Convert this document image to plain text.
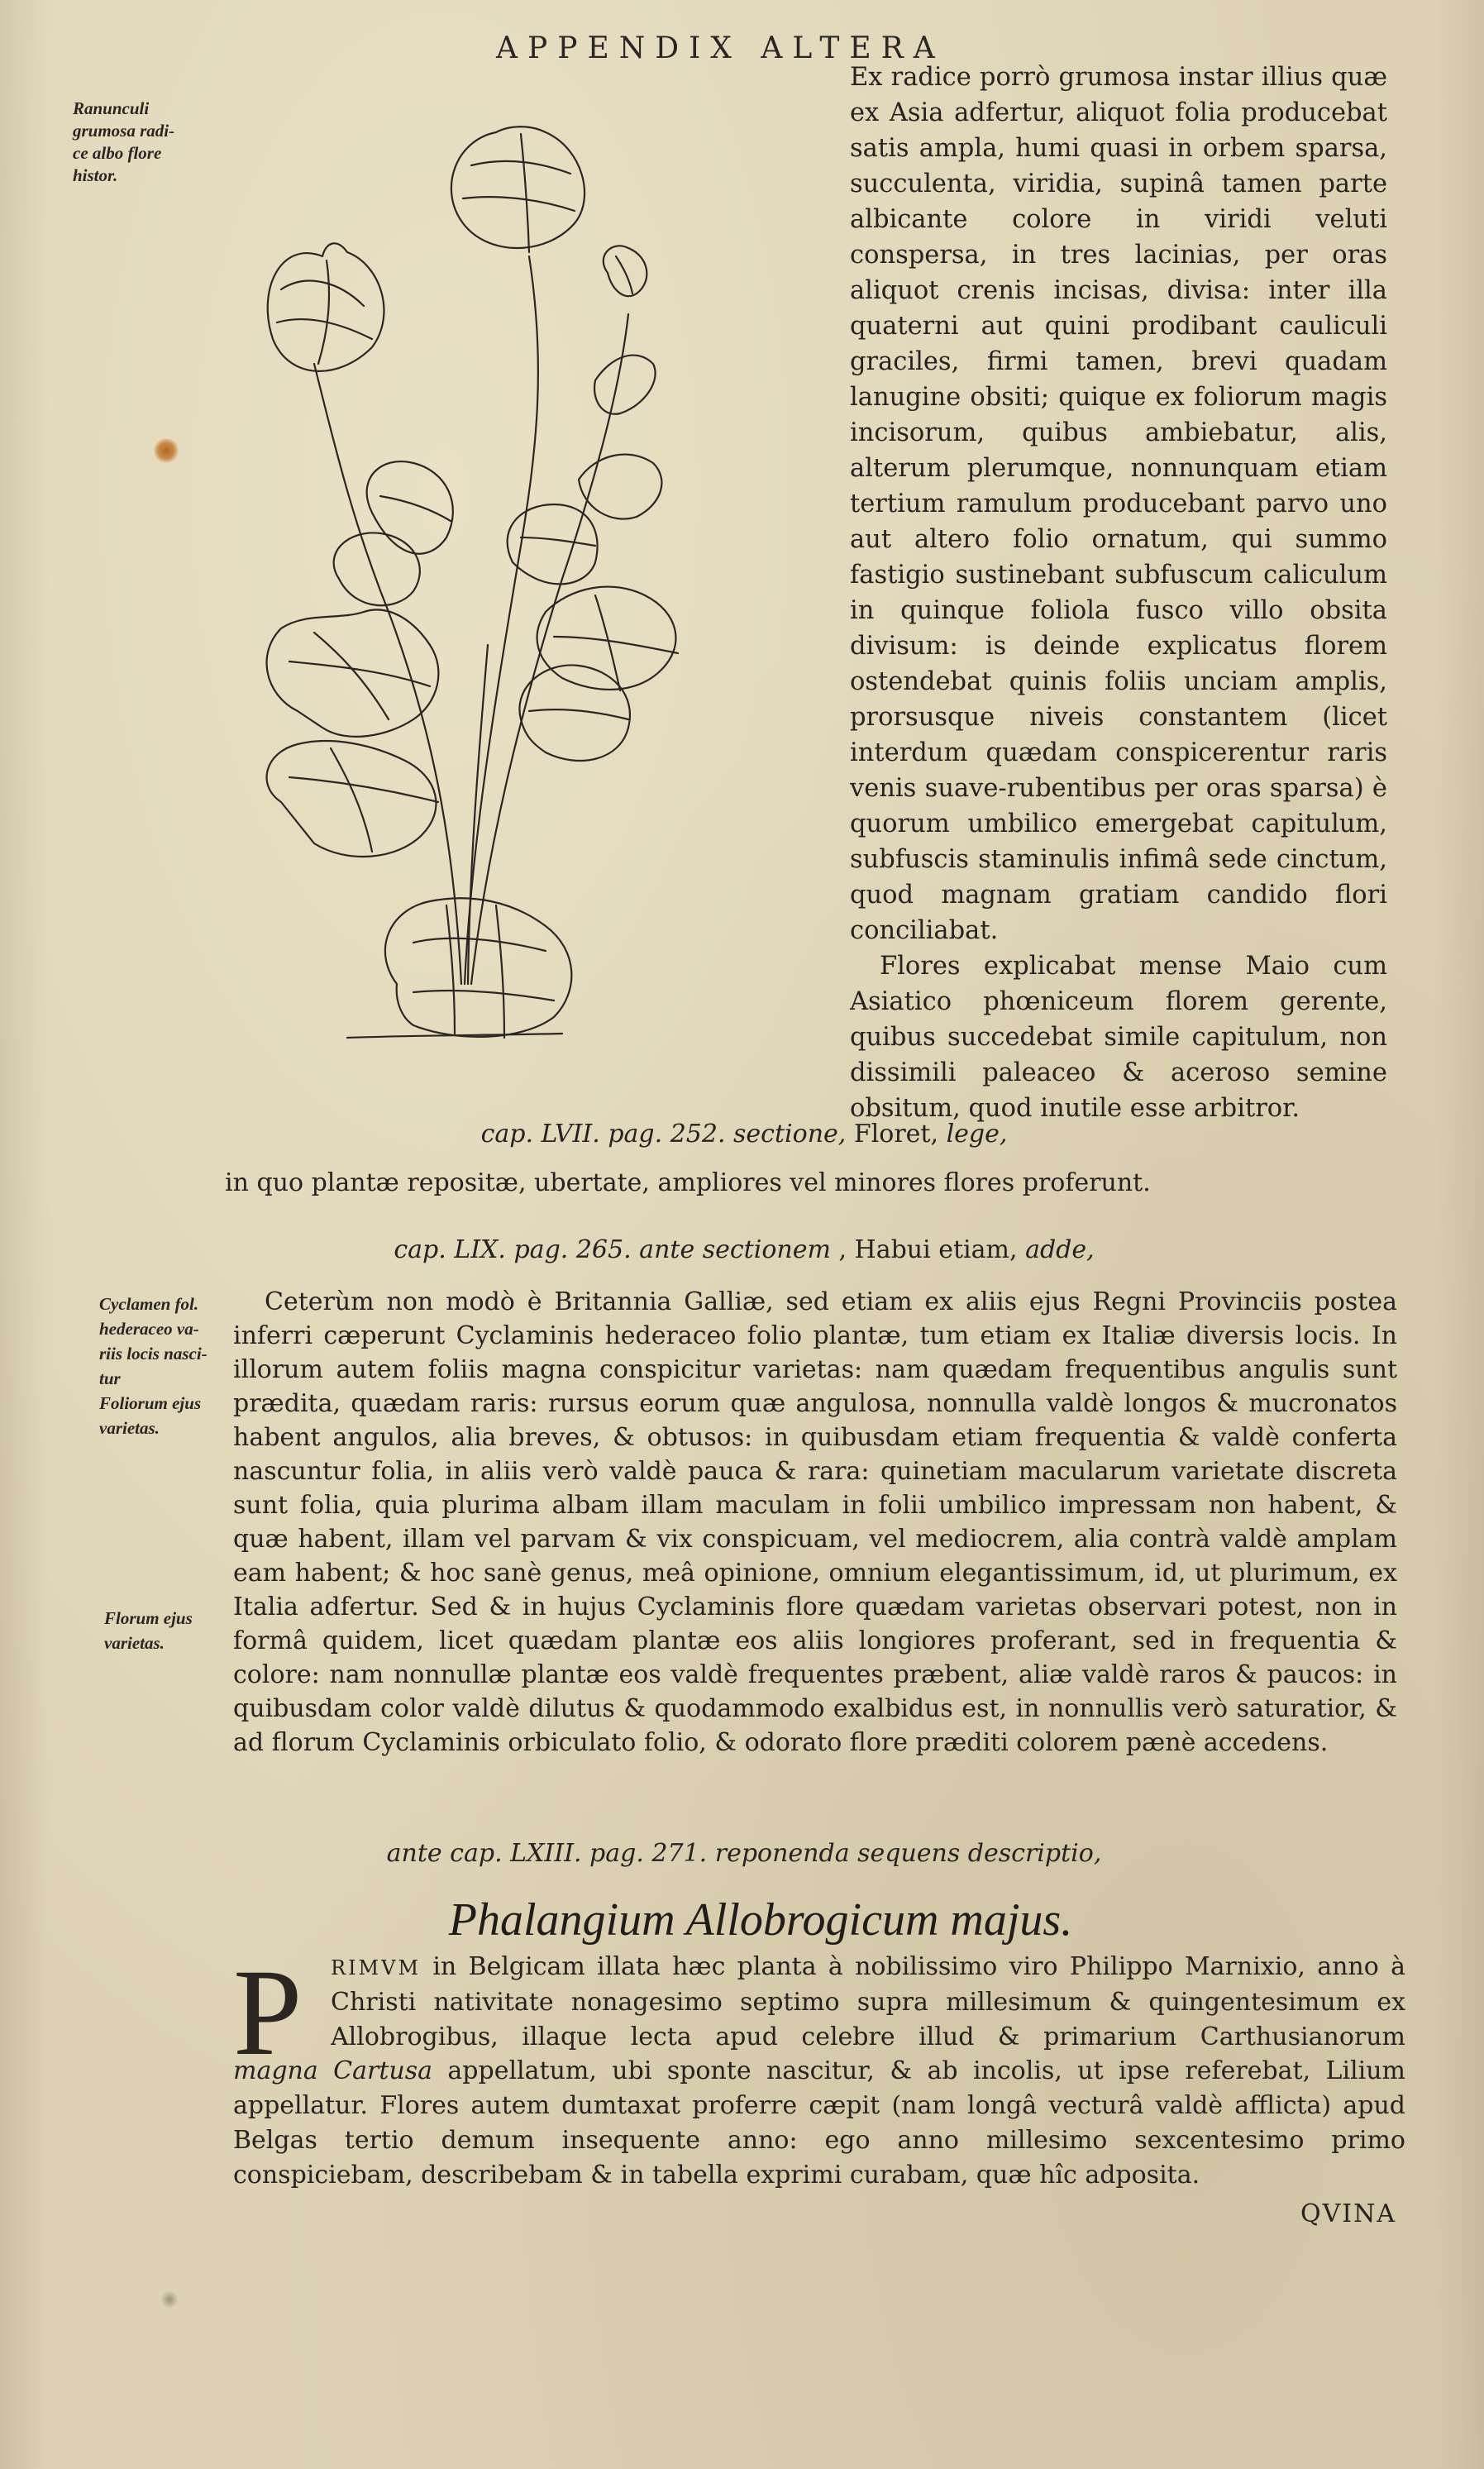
APPENDIX ALTERA
Ranunculi
grumosa radi-
ce albo flore
histor.
Cyclamen fol.
hederaceo va-
riis locis nasci-
tur
Foliorum ejus
varietas.
Florum ejus
varietas.

Ex radice porrò grumosa instar illius quæ ex Asia adfertur, aliquot folia producebat satis ampla, humi quasi in orbem sparsa, succulenta, viridia, supinâ tamen parte albicante colore in viridi veluti conspersa, in tres lacinias, per oras aliquot crenis incisas, divisa: inter illa quaterni aut quini prodibant cauliculi graciles, firmi tamen, brevi quadam lanugine obsiti; quique ex foliorum magis incisorum, quibus ambiebatur, alis, alterum plerumque, nonnunquam etiam tertium ramulum producebant parvo uno aut altero folio ornatum, qui summo fastigio sustinebant subfuscum caliculum in quinque foliola fusco villo obsita divisum: is deinde explicatus florem ostendebat quinis foliis unciam amplis, prorsusque niveis constantem (licet interdum quædam conspicerentur raris venis suave-rubentibus per oras sparsa) è quorum umbilico emergebat capitulum, subfuscis staminulis infimâ sede cinctum, quod magnam gratiam candido flori conciliabat.

Flores explicabat mense Maio cum Asiatico phœniceum florem gerente, quibus succedebat simile capitulum, non dissimili paleaceo & aceroso semine obsitum, quod inutile esse arbitror.

cap. LVII. pag. 252. sectione, Floret, lege,
in quo plantæ repositæ, ubertate, ampliores vel minores flores proferunt.
cap. LIX. pag. 265. ante sectionem , Habui etiam, adde,
Ceterùm non modò è Britannia Galliæ, sed etiam ex aliis ejus Regni Provinciis postea inferri cæperunt Cyclaminis hederaceo folio plantæ, tum etiam ex Italiæ diversis locis. In illorum autem foliis magna conspicitur varietas: nam quædam frequentibus angulis sunt prædita, quædam raris: rursus eorum quæ angulosa, nonnulla valdè longos & mucronatos habent angulos, alia breves, & obtusos: in quibusdam etiam frequentia & valdè conferta nascuntur folia, in aliis verò valdè pauca & rara: quinetiam macularum varietate discreta sunt folia, quia plurima albam illam maculam in folii umbilico impressam non habent, & quæ habent, illam vel parvam & vix conspicuam, vel mediocrem, alia contrà valdè amplam eam habent; & hoc sanè genus, meâ opinione, omnium elegantissimum, id, ut plurimum, ex Italia adfertur. Sed & in hujus Cyclaminis flore quædam varietas observari potest, non in formâ quidem, licet quædam plantæ eos aliis longiores proferant, sed in frequentia & colore: nam nonnullæ plantæ eos valdè frequentes præbent, aliæ valdè raros & paucos: in quibusdam color valdè dilutus & quodammodo exalbidus est, in nonnullis verò saturatior, & ad florum Cyclaminis orbiculato folio, & odorato flore præditi colorem pænè accedens.
ante cap. LXIII. pag. 271. reponenda sequens descriptio,
Phalangium Allobrogicum majus.
P	RIMVM in Belgicam illata hæc planta à nobilissimo viro Philippo Marnixio, anno à Christi nativitate nonagesimo septimo supra millesimum & quingentesimum ex Allobrogibus, illaque lecta apud celebre illud & primarium Carthusianorum
magna Cartusa appellatum, ubi sponte nascitur, & ab incolis, ut ipse referebat, Lilium appellatur. Flores autem dumtaxat proferre cæpit (nam longâ vecturâ valdè afflicta) apud Belgas tertio demum insequente anno: ego anno millesimo sexcentesimo primo conspiciebam, describebam & in tabella exprimi curabam, quæ hîc adposita.
QVINA
